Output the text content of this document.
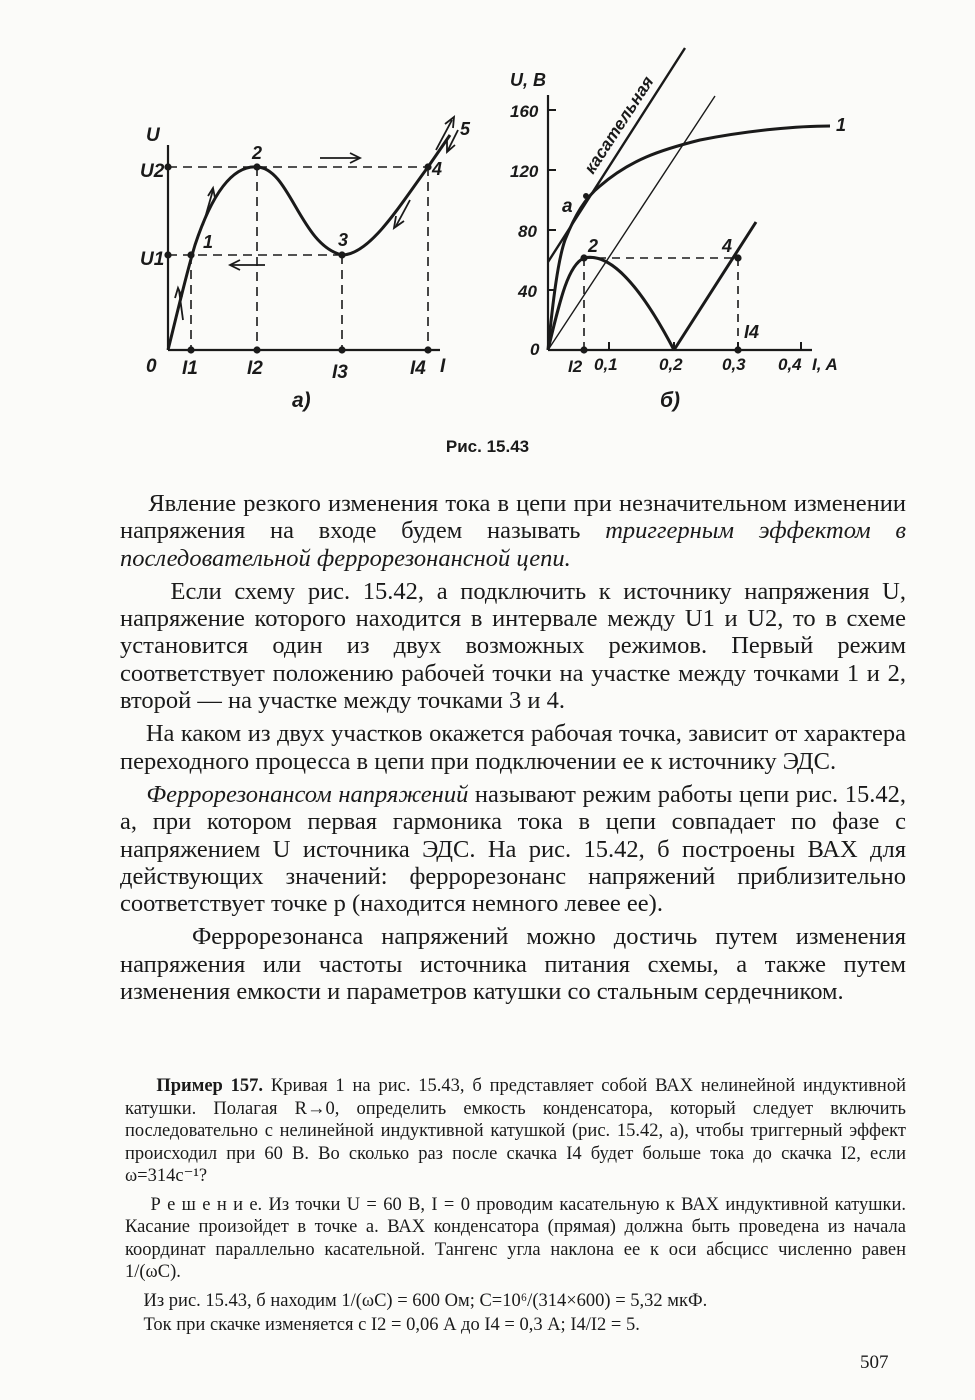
U
U2
U1
0 I1	I2	I3	I4 I
1
2
3
4
5
а)
U, В
160
120
80
40
0
I2 0,1 0,2 0,3 0,4 I, A
касательная	1
а
2	4
I4
б)
Рис. 15.43

Явление резкого изменения тока в цепи при незначительном изменении напряжения на входе будем называть триггерным эффектом в последовательной феррорезонансной цепи.

Если схему рис. 15.42, а подключить к источнику напряжения U, напряжение которого находится в интервале между U1 и U2, то в схеме установится один из двух возможных режимов. Первый режим соответствует положению рабочей точки на участке между точками 1 и 2, второй — на участке между точками 3 и 4.

На каком из двух участков окажется рабочая точка, зависит от характера переходного процесса в цепи при подключении ее к источнику ЭДС.

Феррорезонансом напряжений называют режим работы цепи рис. 15.42, а, при котором первая гармоника тока в цепи совпадает по фазе с напряжением U источника ЭДС. На рис. 15.42, б построены ВАХ для действующих значений: феррорезонанс напряжений приблизительно соответствует точке p (находится немного левее ее).

Феррорезонанса напряжений можно достичь путем изменения напряжения или частоты источника питания схемы, а также путем изменения емкости и параметров катушки со стальным сердечником.

Пример 157. Кривая 1 на рис. 15.43, б представляет собой ВАХ нелинейной индуктивной катушки. Полагая R→0, определить емкость конденсатора, который следует включить последовательно с нелинейной индуктивной катушкой (рис. 15.42, а), чтобы триггерный эффект происходил при 60 В. Во сколько раз после скачка I4 будет больше тока до скачка I2, если ω=314с⁻¹?

Р е ш е н и е. Из точки U = 60 В, I = 0 проводим касательную к ВАХ индуктивной катушки. Касание произойдет в точке а. ВАХ конденсатора (прямая) должна быть проведена из начала координат параллельно касательной. Тангенс угла наклона ее к оси абсцисс численно равен 1/(ωC).

Из рис. 15.43, б находим 1/(ωC) = 600 Ом; C=10⁶/(314×600) = 5,32 мкФ.

Ток при скачке изменяется с I2 = 0,06 А до I4 = 0,3 А; I4/I2 = 5.

507
